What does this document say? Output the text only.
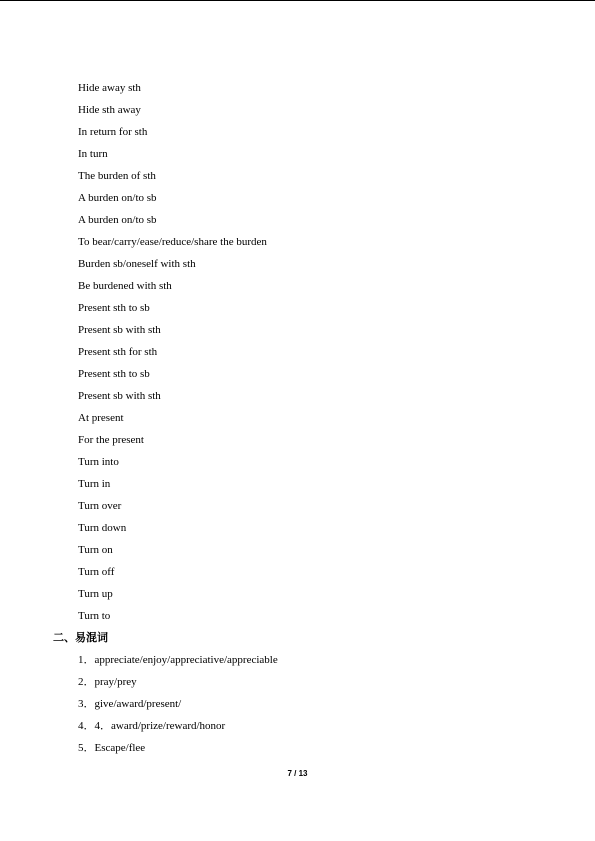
Hide away sth
Hide sth away
In return for sth
In turn
The burden of sth
A burden on/to sb
A burden on/to sb
To bear/carry/ease/reduce/share the burden
Burden sb/oneself with sth
Be burdened with sth
Present sth to sb
Present sb with sth
Present sth for sth
Present sth to sb
Present sb with sth
At present
For the present
Turn into
Turn in
Turn over
Turn down
Turn on
Turn off
Turn up
Turn to
二、易混词
1．appreciate/enjoy/appreciative/appreciable
2．pray/prey
3．give/award/present/
4．4．award/prize/reward/honor
5．Escape/flee
7 / 13
